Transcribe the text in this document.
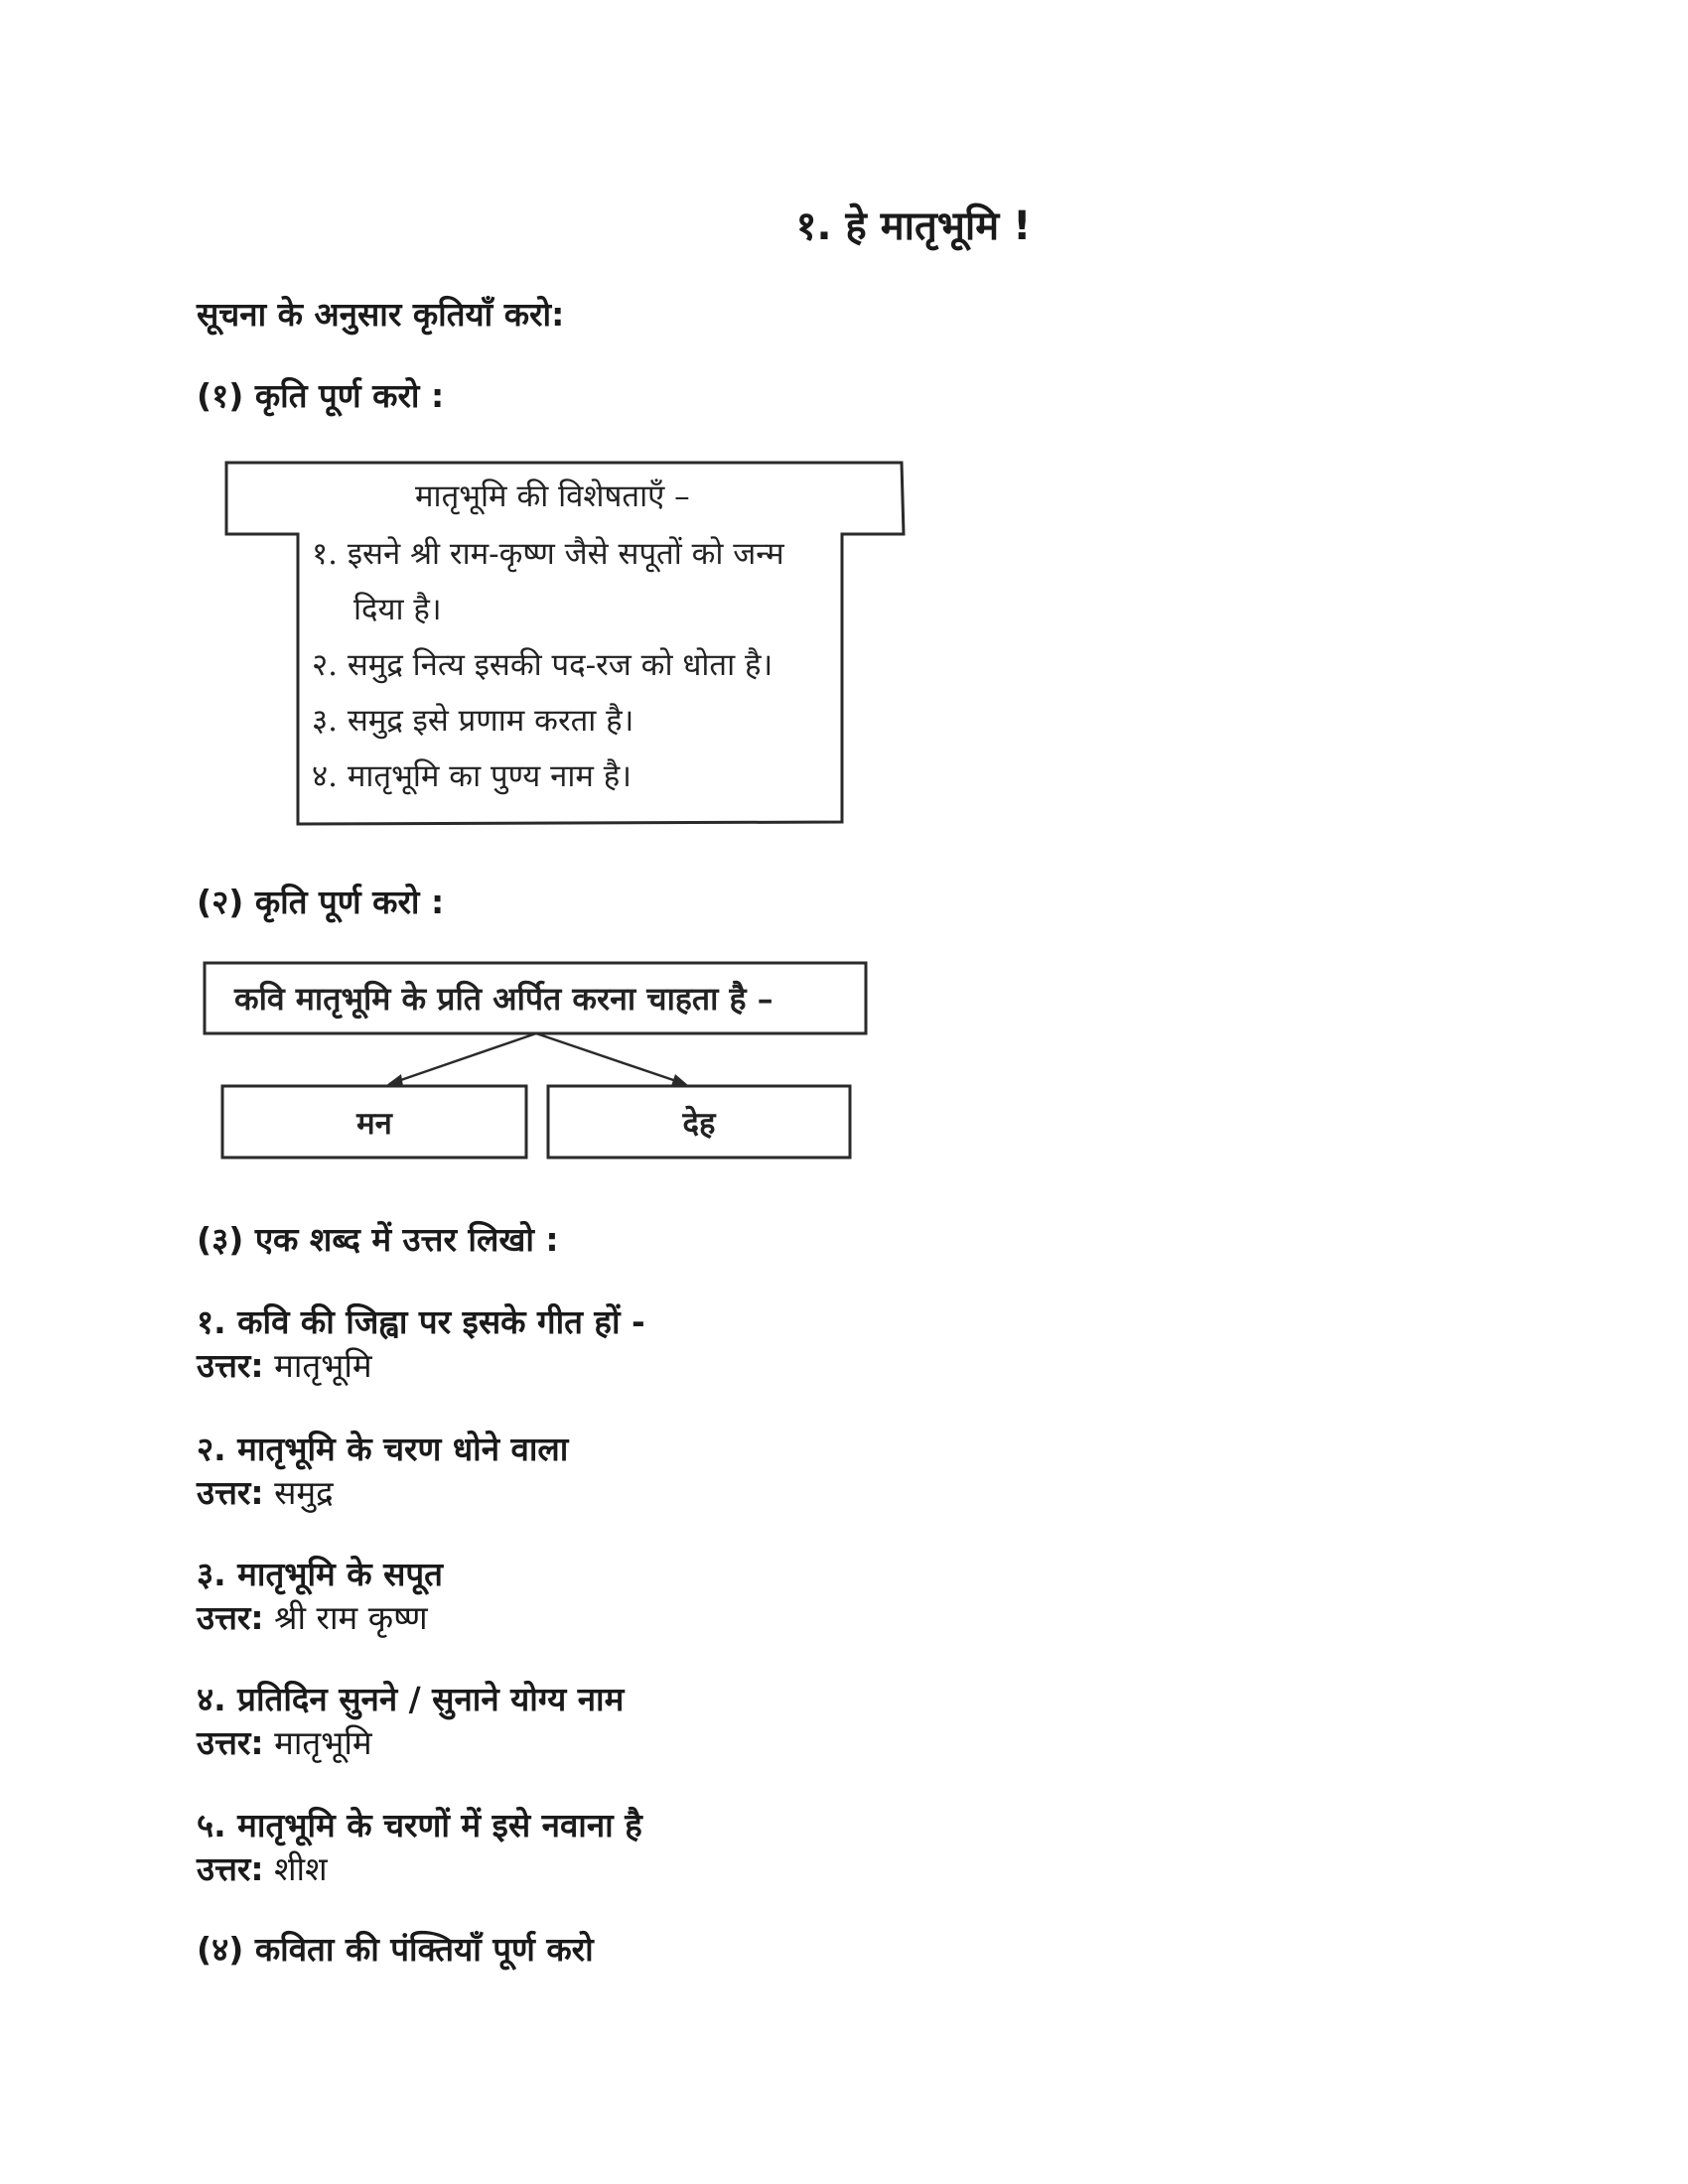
१. हे मातृभूमि !
सूचना के अनुसार कृतियाँ करो:
(१) कृति पूर्ण करो :
मातृभूमि की विशेषताएँ –
१. इसने श्री राम-कृष्ण जैसे सपूतों को जन्म
दिया है।
२. समुद्र नित्य इसकी पद-रज को धोता है।
३. समुद्र इसे प्रणाम करता है।
४. मातृभूमि का पुण्य नाम है।
(२) कृति पूर्ण करो :
कवि मातृभूमि के प्रति अर्पित करना चाहता है –
मन	देह
(३) एक शब्द में उत्तर लिखो :
१. कवि की जिह्वा पर इसके गीत हों -
उत्तर: मातृभूमि
२. मातृभूमि के चरण धोने वाला
उत्तर: समुद्र
३. मातृभूमि के सपूत
उत्तर: श्री राम कृष्ण
४. प्रतिदिन सुनने / सुनाने योग्य नाम
उत्तर: मातृभूमि
५. मातृभूमि के चरणों में इसे नवाना है
उत्तर: शीश
(४) कविता की पंक्तियाँ पूर्ण करो
